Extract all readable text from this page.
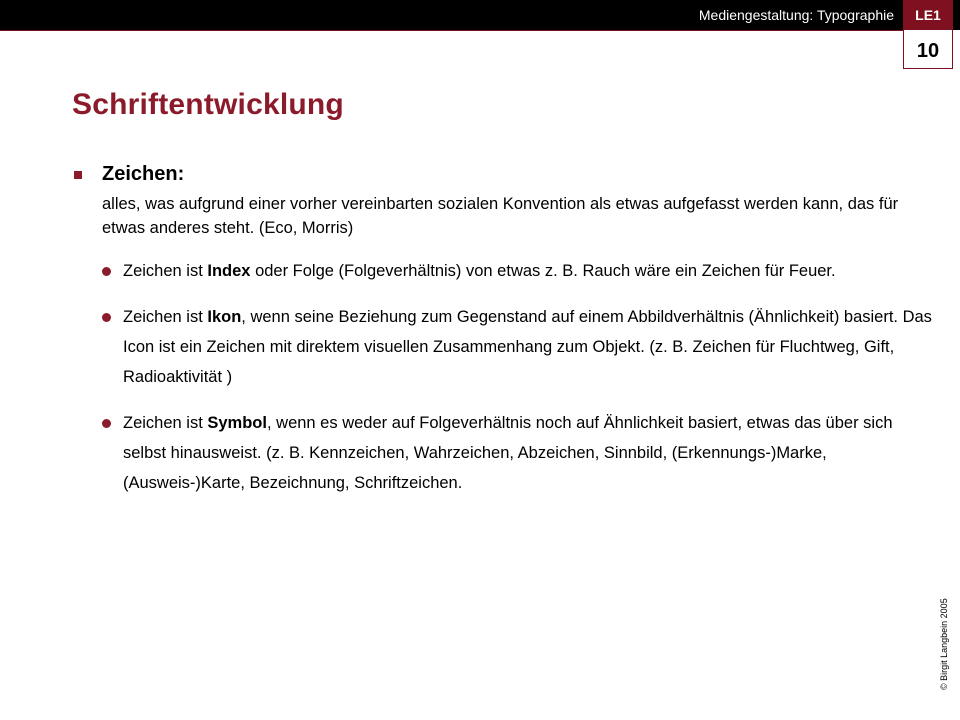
Mediengestaltung: Typographie	LE1
10
Schriftentwicklung
Zeichen:
alles, was aufgrund einer vorher vereinbarten sozialen Konvention als etwas aufgefasst werden kann, das für etwas anderes steht. (Eco, Morris)
Zeichen ist Index oder Folge (Folgeverhältnis) von etwas z. B. Rauch wäre ein Zeichen für Feuer.
Zeichen ist Ikon, wenn seine Beziehung zum Gegenstand auf einem Abbildverhältnis (Ähnlichkeit) basiert. Das Icon ist ein Zeichen mit direktem visuellen Zusammenhang zum Objekt. (z. B. Zeichen für Fluchtweg, Gift, Radioaktivität )
Zeichen ist Symbol, wenn es weder auf Folgeverhältnis noch auf Ähnlichkeit basiert, etwas das über sich selbst hinausweist. (z. B. Kennzeichen, Wahrzeichen, Abzeichen, Sinnbild, (Erkennungs-)Marke, (Ausweis-)Karte, Bezeichnung, Schriftzeichen.
© Birgit Langbein 2005
